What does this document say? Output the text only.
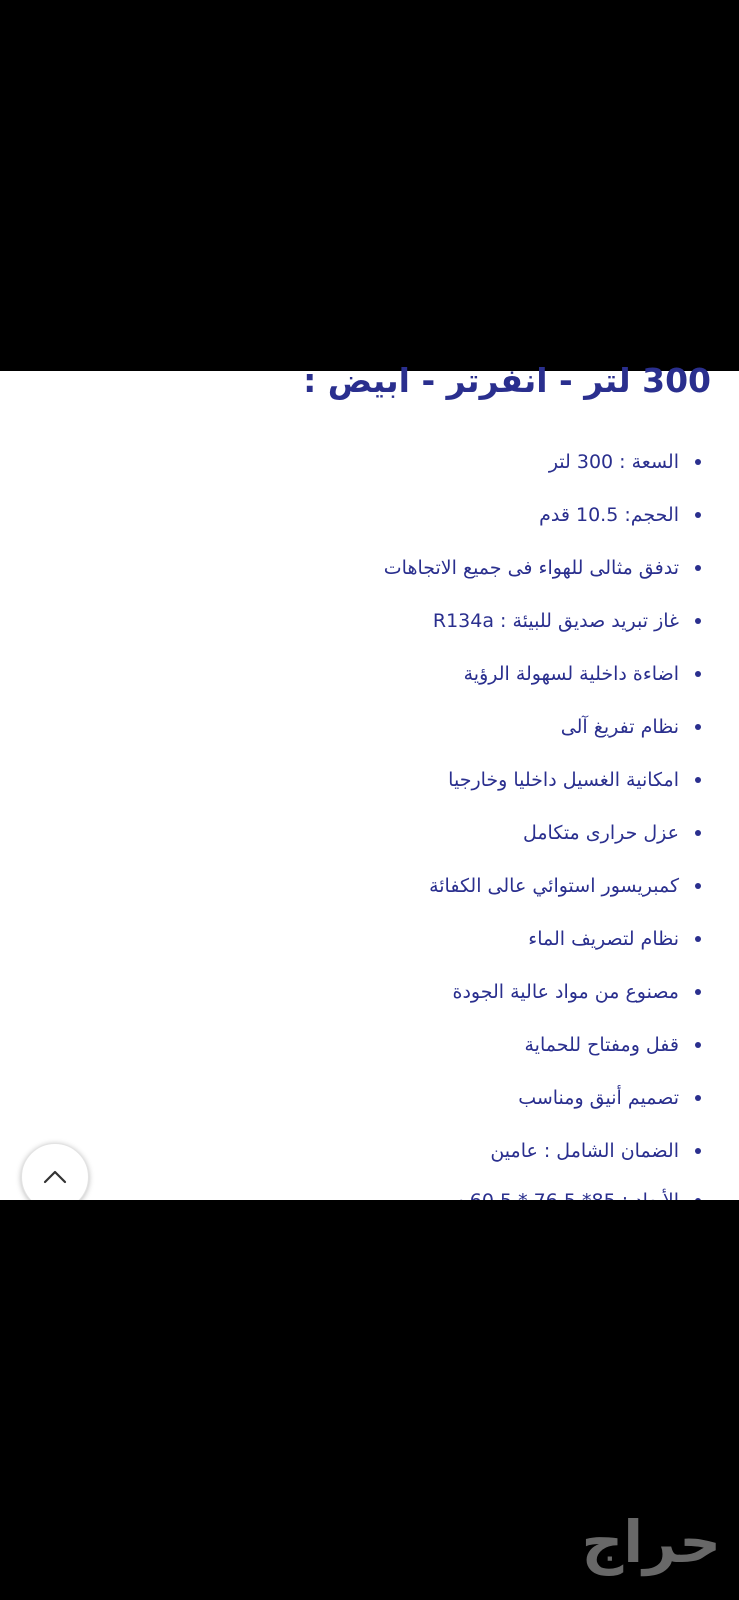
300 لتر - انفرتر - ابيض :
السعة : 300 لتر
الحجم: 10.5 قدم
تدفق مثالى للهواء فى جميع الاتجاهات
غاز تبريد صديق للبيئة : R134a
اضاءة داخلية لسهولة الرؤية
نظام تفريغ آلى
امكانية الغسيل داخليا وخارجيا
عزل حرارى متكامل
كمبريسور استوائي عالى الكفائة
نظام لتصريف الماء
مصنوع من مواد عالية الجودة
قفل ومفتاح للحماية
تصميم أنيق ومناسب
الضمان الشامل : عامين
حراج
